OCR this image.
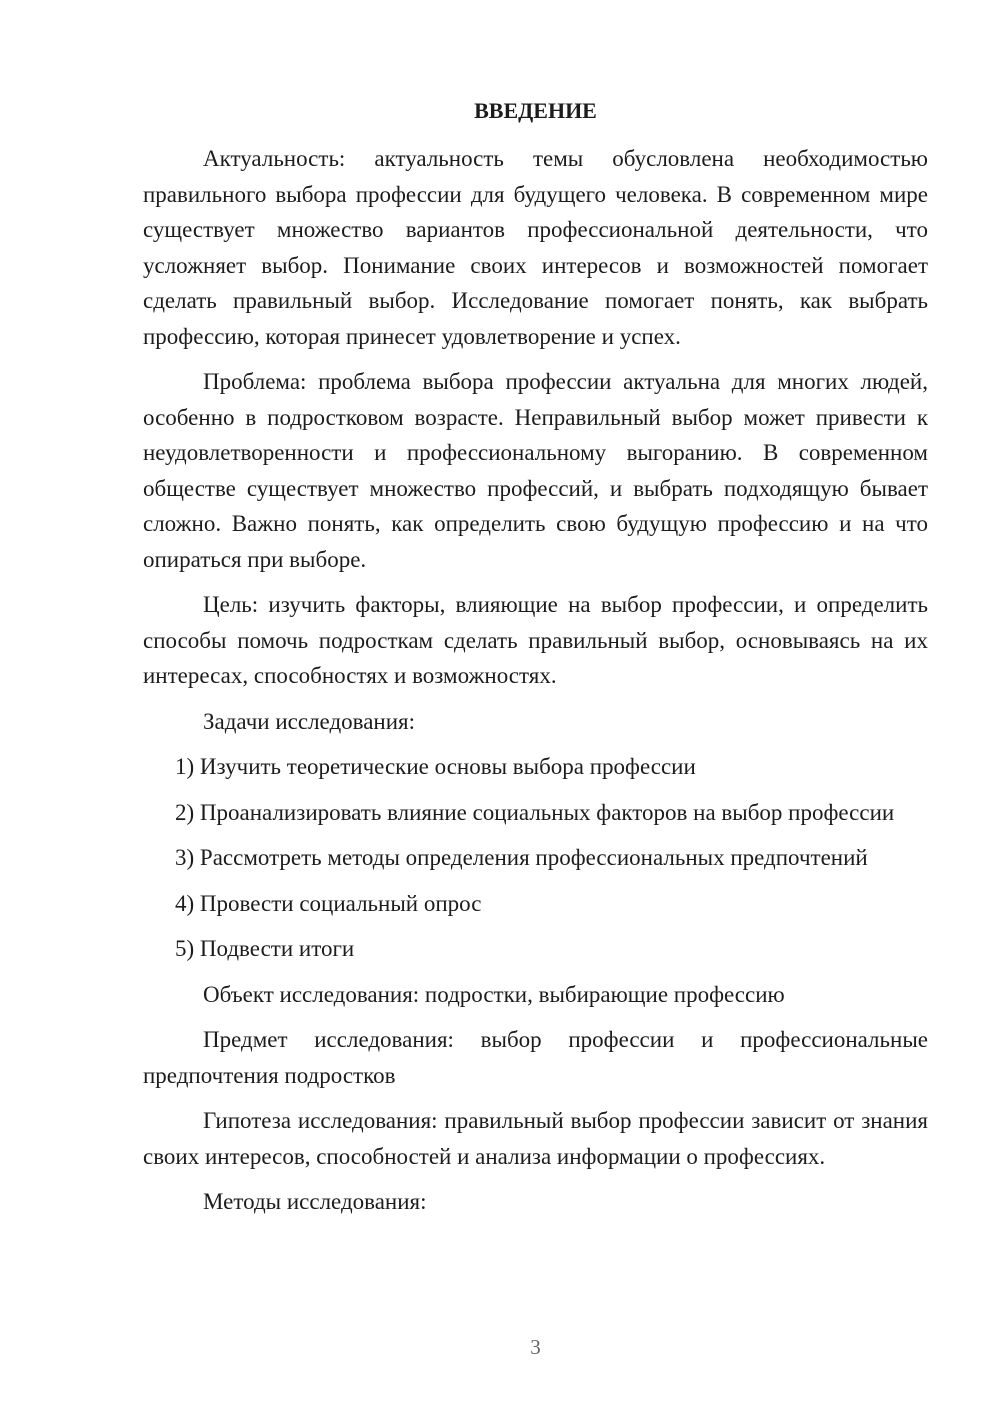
ВВЕДЕНИЕ

Актуальность: актуальность темы обусловлена необходимостью правильного выбора профессии для будущего человека. В современном мире существует множество вариантов профессиональной деятельности, что усложняет выбор. Понимание своих интересов и возможностей помогает сделать правильный выбор. Исследование помогает понять, как выбрать профессию, которая принесет удовлетворение и успех.

Проблема: проблема выбора профессии актуальна для многих людей, особенно в подростковом возрасте. Неправильный выбор может привести к неудовлетворенности и профессиональному выгоранию. В современном обществе существует множество профессий, и выбрать подходящую бывает сложно. Важно понять, как определить свою будущую профессию и на что опираться при выборе.

Цель: изучить факторы, влияющие на выбор профессии, и определить способы помочь подросткам сделать правильный выбор, основываясь на их интересах, способностях и возможностях.

Задачи исследования:

1) Изучить теоретические основы выбора профессии

2) Проанализировать влияние социальных факторов на выбор профессии

3) Рассмотреть методы определения профессиональных предпочтений

4) Провести социальный опрос

5) Подвести итоги

Объект исследования: подростки, выбирающие профессию

Предмет исследования: выбор профессии и профессиональные предпочтения подростков

Гипотеза исследования: правильный выбор профессии зависит от знания своих интересов, способностей и анализа информации о профессиях.

Методы исследования:

3
